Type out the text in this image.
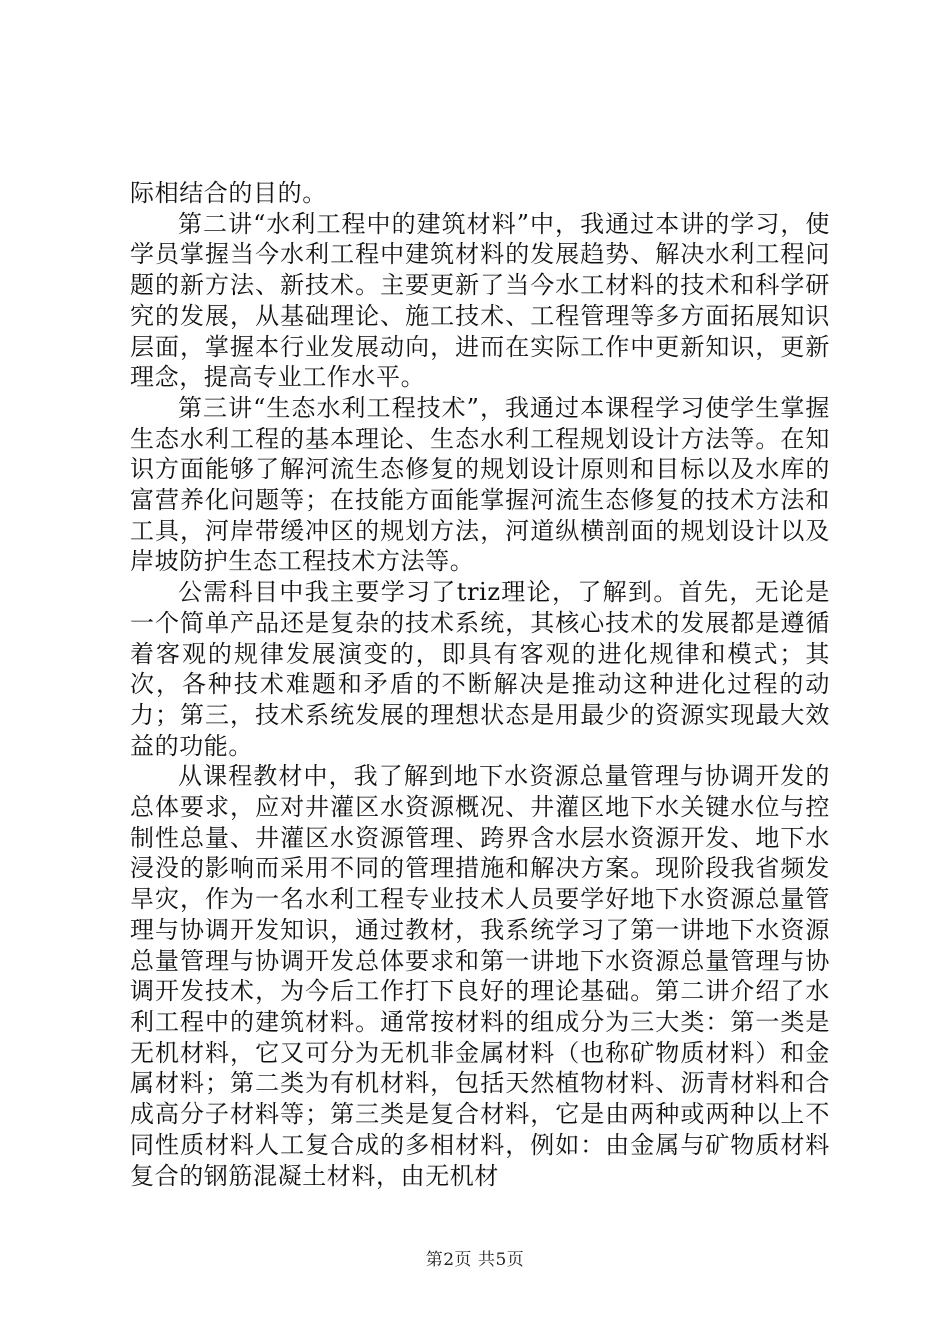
际相结合的目的。

第二讲“水利工程中的建筑材料”中，我通过本讲的学习，使学员掌握当今水利工程中建筑材料的发展趋势、解决水利工程问题的新方法、新技术。主要更新了当今水工材料的技术和科学研究的发展，从基础理论、施工技术、工程管理等多方面拓展知识层面，掌握本行业发展动向，进而在实际工作中更新知识，更新理念，提高专业工作水平。

第三讲“生态水利工程技术”，我通过本课程学习使学生掌握生态水利工程的基本理论、生态水利工程规划设计方法等。在知识方面能够了解河流生态修复的规划设计原则和目标以及水库的富营养化问题等；在技能方面能掌握河流生态修复的技术方法和工具，河岸带缓冲区的规划方法，河道纵横剖面的规划设计以及岸坡防护生态工程技术方法等。

公需科目中我主要学习了triz理论，了解到。首先，无论是一个简单产品还是复杂的技术系统，其核心技术的发展都是遵循着客观的规律发展演变的，即具有客观的进化规律和模式；其次，各种技术难题和矛盾的不断解决是推动这种进化过程的动力；第三，技术系统发展的理想状态是用最少的资源实现最大效益的功能。

从课程教材中，我了解到地下水资源总量管理与协调开发的总体要求，应对井灌区水资源概况、井灌区地下水关键水位与控制性总量、井灌区水资源管理、跨界含水层水资源开发、地下水浸没的影响而采用不同的管理措施和解决方案。现阶段我省频发旱灾，作为一名水利工程专业技术人员要学好地下水资源总量管理与协调开发知识，通过教材，我系统学习了第一讲地下水资源总量管理与协调开发总体要求和第一讲地下水资源总量管理与协调开发技术，为今后工作打下良好的理论基础。第二讲介绍了水利工程中的建筑材料。通常按材料的组成分为三大类：第一类是无机材料，它又可分为无机非金属材料（也称矿物质材料）和金属材料；第二类为有机材料，包括天然植物材料、沥青材料和合成高分子材料等；第三类是复合材料，它是由两种或两种以上不同性质材料人工复合成的多相材料，例如：由金属与矿物质材料复合的钢筋混凝土材料，由无机材

第2页 共5页
